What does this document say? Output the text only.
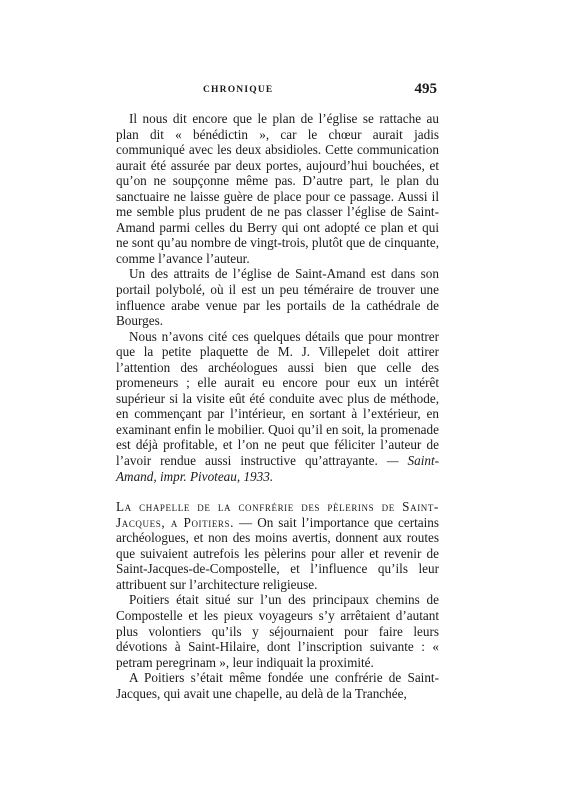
CHRONIQUE	495

Il nous dit encore que le plan de l’église se rattache au plan dit « bénédictin », car le chœur aurait jadis communiqué avec les deux absidioles. Cette communication aurait été assurée par deux portes, aujourd’hui bouchées, et qu’on ne soupçonne même pas. D’autre part, le plan du sanctuaire ne laisse guère de place pour ce passage. Aussi il me semble plus prudent de ne pas classer l’église de Saint-Amand parmi celles du Berry qui ont adopté ce plan et qui ne sont qu’au nombre de vingt-trois, plutôt que de cinquante, comme l’avance l’auteur.

Un des attraits de l’église de Saint-Amand est dans son portail polybolé, où il est un peu téméraire de trouver une influence arabe venue par les portails de la cathédrale de Bourges.

Nous n’avons cité ces quelques détails que pour montrer que la petite plaquette de M. J. Villepelet doit attirer l’attention des archéologues aussi bien que celle des promeneurs ; elle aurait eu encore pour eux un intérêt supérieur si la visite eût été conduite avec plus de méthode, en commençant par l’intérieur, en sortant à l’extérieur, en examinant enfin le mobilier. Quoi qu’il en soit, la promenade est déjà profitable, et l’on ne peut que féliciter l’auteur de l’avoir rendue aussi instructive qu’attrayante. — Saint-Amand, impr. Pivoteau, 1933.

La chapelle de la confrérie des pèlerins de Saint-Jacques, a Poitiers. — On sait l’importance que certains archéologues, et non des moins avertis, donnent aux routes que suivaient autrefois les pèlerins pour aller et revenir de Saint-Jacques-de-Compostelle, et l’influence qu’ils leur attribuent sur l’architecture religieuse.

Poitiers était situé sur l’un des principaux chemins de Compostelle et les pieux voyageurs s’y arrêtaient d’autant plus volontiers qu’ils y séjournaient pour faire leurs dévotions à Saint-Hilaire, dont l’inscription suivante : « petram peregrinam », leur indiquait la proximité.

A Poitiers s’était même fondée une confrérie de Saint-Jacques, qui avait une chapelle, au delà de la Tranchée,
